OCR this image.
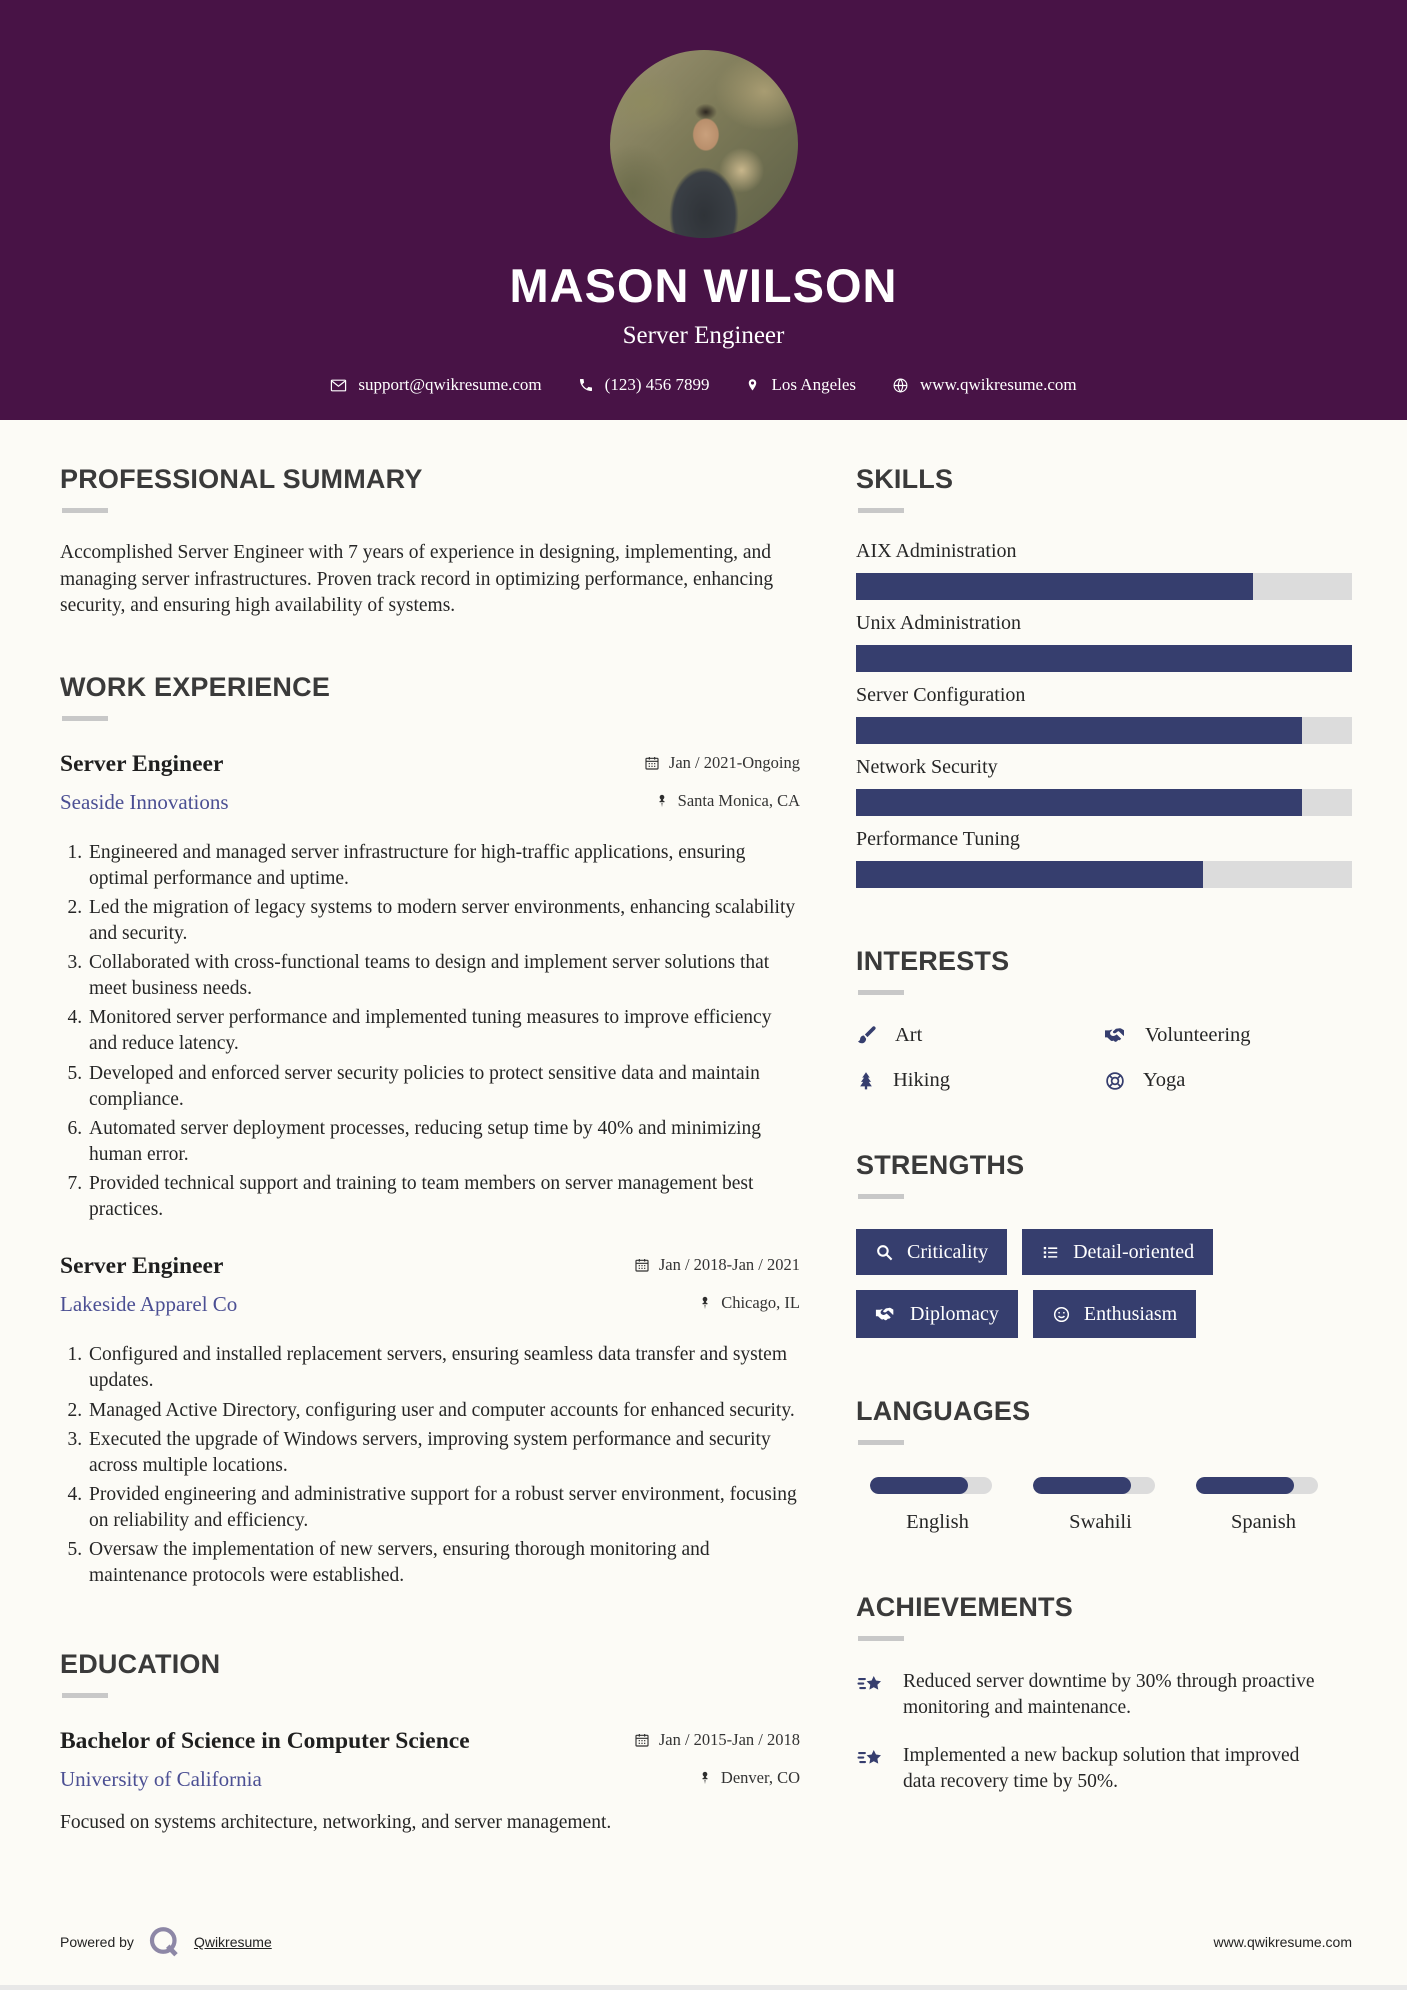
MASON WILSON
Server Engineer
support@qwikresume.com	(123) 456 7899	Los Angeles	www.qwikresume.com
PROFESSIONAL SUMMARY

Accomplished Server Engineer with 7 years of experience in designing, implementing, and managing server infrastructures. Proven track record in optimizing performance, enhancing security, and ensuring high availability of systems.

WORK EXPERIENCE
Server Engineer	Jan / 2021-Ongoing
Seaside Innovations	Santa Monica, CA
1. Engineered and managed server infrastructure for high-traffic applications, ensuring optimal performance and uptime.
2. Led the migration of legacy systems to modern server environments, enhancing scalability and security.
3. Collaborated with cross-functional teams to design and implement server solutions that meet business needs.
4. Monitored server performance and implemented tuning measures to improve efficiency and reduce latency.
5. Developed and enforced server security policies to protect sensitive data and maintain compliance.
6. Automated server deployment processes, reducing setup time by 40% and minimizing human error.
7. Provided technical support and training to team members on server management best practices.
Server Engineer	Jan / 2018-Jan / 2021
Lakeside Apparel Co	Chicago, IL
1. Configured and installed replacement servers, ensuring seamless data transfer and system updates.
2. Managed Active Directory, configuring user and computer accounts for enhanced security.
3. Executed the upgrade of Windows servers, improving system performance and security across multiple locations.
4. Provided engineering and administrative support for a robust server environment, focusing on reliability and efficiency.
5. Oversaw the implementation of new servers, ensuring thorough monitoring and maintenance protocols were established.
EDUCATION
Bachelor of Science in Computer Science	Jan / 2015-Jan / 2018
University of California	Denver, CO
Focused on systems architecture, networking, and server management.
SKILLS
AIX Administration
Unix Administration
Server Configuration
Network Security
Performance Tuning
INTERESTS
Art	Volunteering
Hiking	Yoga
STRENGTHS
Criticality	Detail-oriented
Diplomacy	Enthusiasm
LANGUAGES
English	Swahili	Spanish
ACHIEVEMENTS
Reduced server downtime by 30% through proactive monitoring and maintenance.
Implemented a new backup solution that improved data recovery time by 50%.
Powered by	Qwikresume	www.qwikresume.com
